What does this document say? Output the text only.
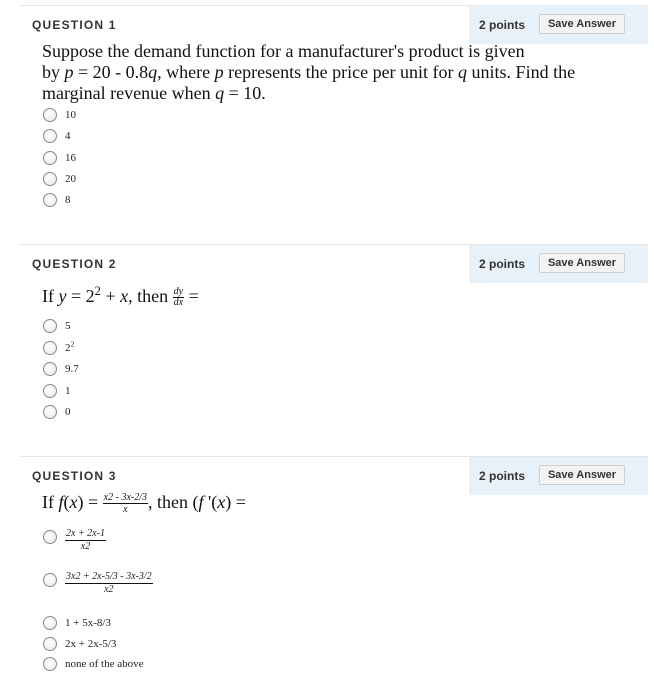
QUESTION 1	2 points	Save Answer
Suppose the demand function for a manufacturer's product is given
by p = 20 - 0.8q, where p represents the price per unit for q units. Find the
marginal revenue when q = 10.
10
4
16
20
8
QUESTION 2	2 points	Save Answer
If $y = 2^2 + x$, then $\frac{dy}{dx}$ =
5
$2^2$
9.7
1
0
QUESTION 3	2 points	Save Answer
If $f(x) = \frac{x2 - 3x-2/3}{x}$ , then (f '(x) =
$\frac{2x + 2x-1}{x2}$
$\frac{3x2 + 2x-5/3 - 3x-3/2}{x2}$
1 + 5x-8/3
2x + 2x-5/3
none of the above
